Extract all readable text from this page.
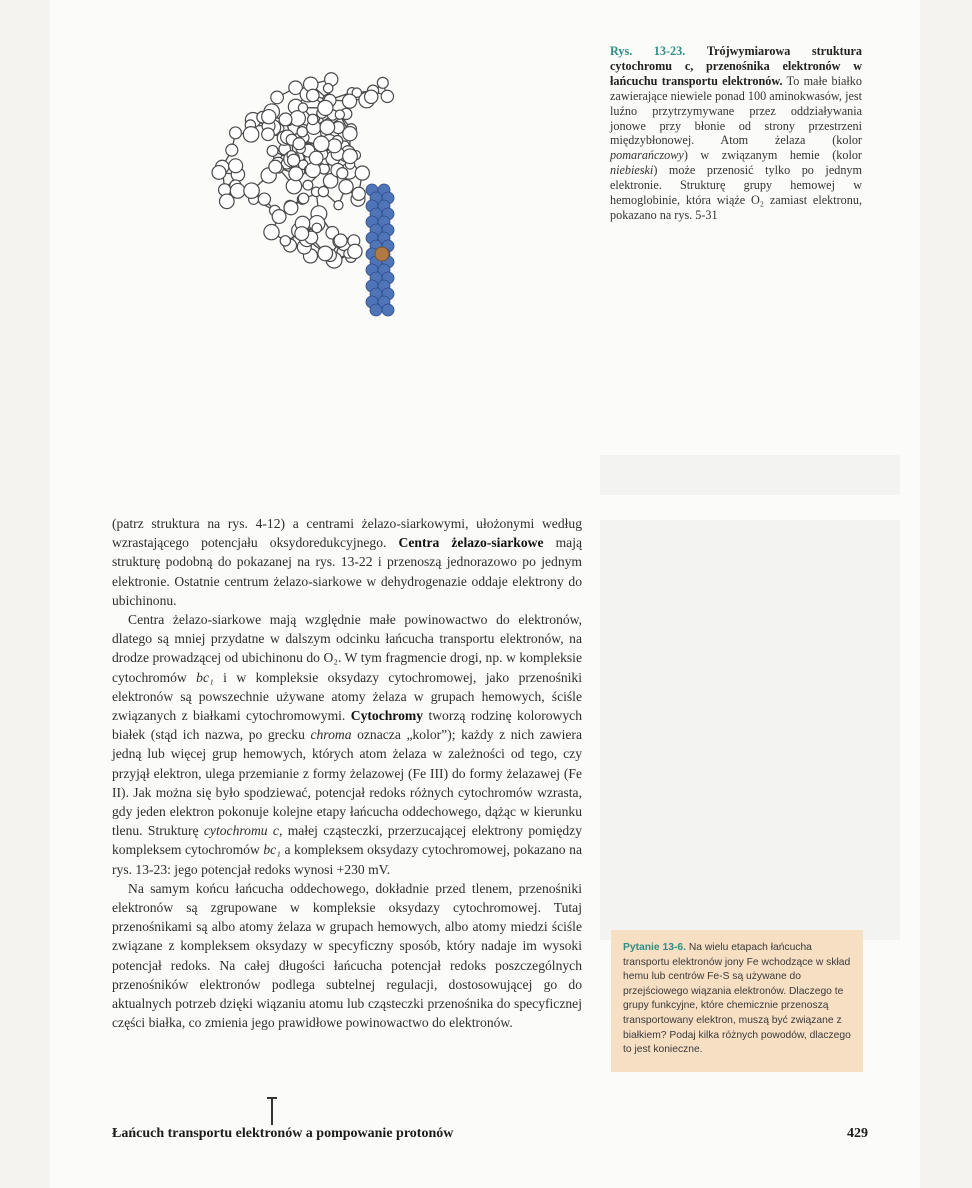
Rys. 13-23. Trójwymiarowa struktura cytochromu c, przenośnika elektronów w łańcuchu transportu elektronów. To małe białko zawierające niewiele ponad 100 aminokwasów, jest luźno przytrzymywane przez oddziaływania jonowe przy błonie od strony przestrzeni międzybłonowej. Atom żelaza (kolor pomarańczowy) w związanym hemie (kolor niebieski) może przenosić tylko po jednym elektronie. Strukturę grupy hemowej w hemoglobinie, która wiąże O₂ zamiast elektronu, pokazano na rys. 5-31

(patrz struktura na rys. 4-12) a centrami żelazo-siarkowymi, ułożonymi według wzrastającego potencjału oksydoredukcyjnego. Centra żelazo-siarkowe mają strukturę podobną do pokazanej na rys. 13-22 i przenoszą jednorazowo po jednym elektronie. Ostatnie centrum żelazo-siarkowe w dehydrogenazie oddaje elektrony do ubichinonu.

Centra żelazo-siarkowe mają względnie małe powinowactwo do elektronów, dlatego są mniej przydatne w dalszym odcinku łańcucha transportu elektronów, na drodze prowadzącej od ubichinonu do O₂. W tym fragmencie drogi, np. w kompleksie cytochromów bc₁ i w kompleksie oksydazy cytochromowej, jako przenośniki elektronów są powszechnie używane atomy żelaza w grupach hemowych, ściśle związanych z białkami cytochromowymi. Cytochromy tworzą rodzinę kolorowych białek (stąd ich nazwa, po grecku chroma oznacza „kolor”); każdy z nich zawiera jedną lub więcej grup hemowych, których atom żelaza w zależności od tego, czy przyjął elektron, ulega przemianie z formy żelazowej (Fe III) do formy żelazawej (Fe II). Jak można się było spodziewać, potencjał redoks różnych cytochromów wzrasta, gdy jeden elektron pokonuje kolejne etapy łańcucha oddechowego, dążąc w kierunku tlenu. Strukturę cytochromu c, małej cząsteczki, przerzucającej elektrony pomiędzy kompleksem cytochromów bc₁ a kompleksem oksydazy cytochromowej, pokazano na rys. 13-23: jego potencjał redoks wynosi +230 mV.

Na samym końcu łańcucha oddechowego, dokładnie przed tlenem, przenośniki elektronów są zgrupowane w kompleksie oksydazy cytochromowej. Tutaj przenośnikami są albo atomy żelaza w grupach hemowych, albo atomy miedzi ściśle związane z kompleksem oksydazy w specyficzny sposób, który nadaje im wysoki potencjał redoks. Na całej długości łańcucha potencjał redoks poszczególnych przenośników elektronów podlega subtelnej regulacji, dostosowującej go do aktualnych potrzeb dzięki wiązaniu atomu lub cząsteczki przenośnika do specyficznej części białka, co zmienia jego prawidłowe powinowactwo do elektronów.

Pytanie 13-6. Na wielu etapach łańcucha transportu elektronów jony Fe wchodzące w skład hemu lub centrów Fe-S są używane do przejściowego wiązania elektronów. Dlaczego te grupy funkcyjne, które chemicznie przenoszą transportowany elektron, muszą być związane z białkiem? Podaj kilka różnych powodów, dlaczego to jest konieczne.
Łańcuch transportu elektronów a pompowanie protonów	429
